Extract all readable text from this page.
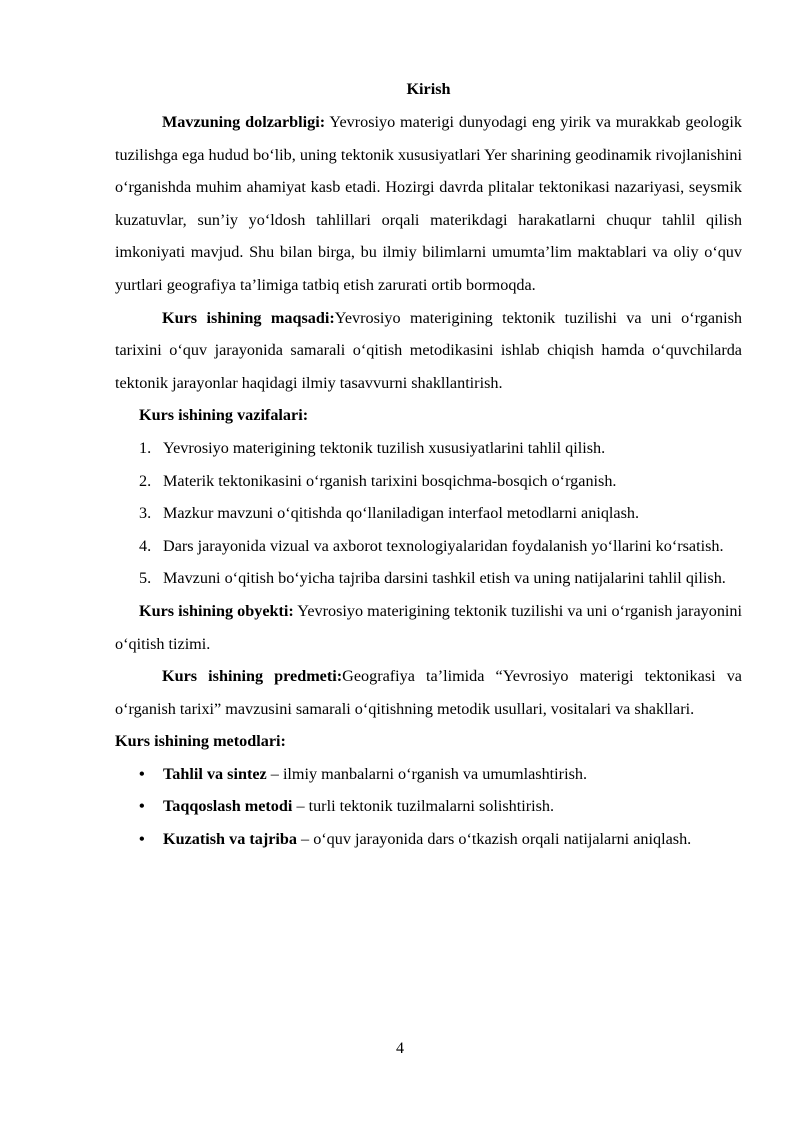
Kirish

Mavzuning dolzarbligi: Yevrosiyo materigi dunyodagi eng yirik va murakkab geologik tuzilishga ega hudud bo‘lib, uning tektonik xususiyatlari Yer sharining geodinamik rivojlanishini o‘rganishda muhim ahamiyat kasb etadi. Hozirgi davrda plitalar tektonikasi nazariyasi, seysmik kuzatuvlar, sun’iy yo‘ldosh tahlillari orqali materikdagi harakatlarni chuqur tahlil qilish imkoniyati mavjud. Shu bilan birga, bu ilmiy bilimlarni umumta’lim maktablari va oliy o‘quv yurtlari geografiya ta’limiga tatbiq etish zarurati ortib bormoqda.

Kurs ishining maqsadi:Yevrosiyo materigining tektonik tuzilishi va uni o‘rganish tarixini o‘quv jarayonida samarali o‘qitish metodikasini ishlab chiqish hamda o‘quvchilarda tektonik jarayonlar haqidagi ilmiy tasavvurni shakllantirish.

Kurs ishining vazifalari:

1. Yevrosiyo materigining tektonik tuzilish xususiyatlarini tahlil qilish.
2. Materik tektonikasini o‘rganish tarixini bosqichma-bosqich o‘rganish.
3. Mazkur mavzuni o‘qitishda qo‘llaniladigan interfaol metodlarni aniqlash.
4. Dars jarayonida vizual va axborot texnologiyalaridan foydalanish yo‘llarini ko‘rsatish.
5. Mavzuni o‘qitish bo‘yicha tajriba darsini tashkil etish va uning natijalarini tahlil qilish.

Kurs ishining obyekti: Yevrosiyo materigining tektonik tuzilishi va uni o‘rganish jarayonini o‘qitish tizimi.

Kurs ishining predmeti:Geografiya ta’limida “Yevrosiyo materigi tektonikasi va o‘rganish tarixi” mavzusini samarali o‘qitishning metodik usullari, vositalari va shakllari.

Kurs ishining metodlari:

• Tahlil va sintez – ilmiy manbalarni o‘rganish va umumlashtirish.
• Taqqoslash metodi – turli tektonik tuzilmalarni solishtirish.
• Kuzatish va tajriba – o‘quv jarayonida dars o‘tkazish orqali natijalarni aniqlash.
4
